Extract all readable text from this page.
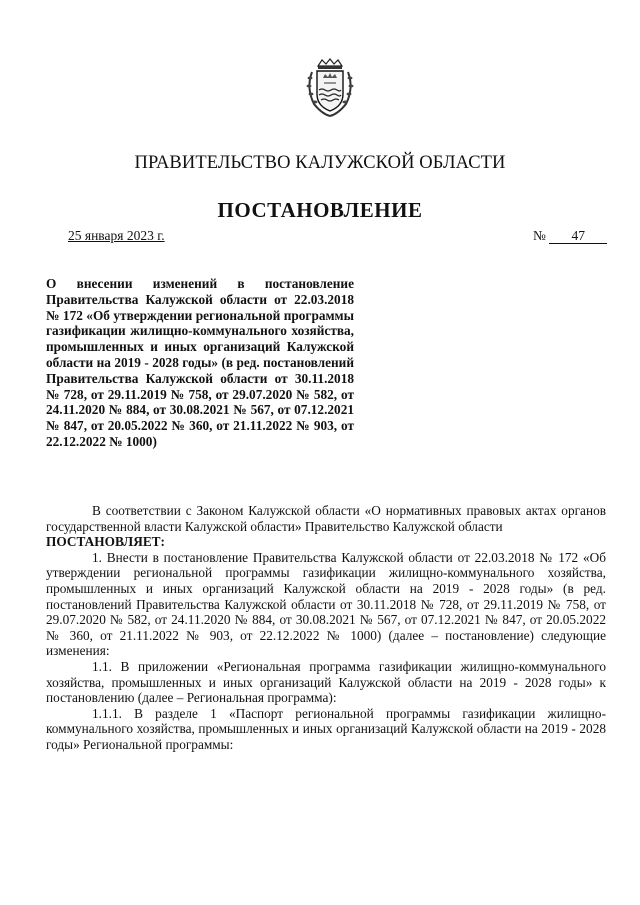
ПРАВИТЕЛЬСТВО КАЛУЖСКОЙ ОБЛАСТИ
ПОСТАНОВЛЕНИЕ
25 января 2023 г.	№ 47
О внесении изменений в постановление Правительства Калужской области от 22.03.2018 № 172 «Об утверждении региональной программы газификации жилищно-коммунального хозяйства, промышленных и иных организаций Калужской области на 2019 - 2028 годы» (в ред. постановлений Правительства Калужской области от 30.11.2018 № 728, от 29.11.2019 № 758, от 29.07.2020 № 582, от 24.11.2020 № 884, от 30.08.2021 № 567, от 07.12.2021 № 847, от 20.05.2022 № 360, от 21.11.2022 № 903, от 22.12.2022 № 1000)

В соответствии с Законом Калужской области «О нормативных правовых актах органов государственной власти Калужской области» Правительство Калужской области

ПОСТАНОВЛЯЕТ:

1. Внести в постановление Правительства Калужской области от 22.03.2018 № 172 «Об утверждении региональной программы газификации жилищно-коммунального хозяйства, промышленных и иных организаций Калужской области на 2019 - 2028 годы» (в ред. постановлений Правительства Калужской области от 30.11.2018 № 728, от 29.11.2019 № 758, от 29.07.2020 № 582, от 24.11.2020 № 884, от 30.08.2021 № 567, от 07.12.2021 № 847, от 20.05.2022 № 360, от 21.11.2022 № 903, от 22.12.2022 № 1000) (далее – постановление) следующие изменения:

1.1. В приложении «Региональная программа газификации жилищно-коммунального хозяйства, промышленных и иных организаций Калужской области на 2019 - 2028 годы» к постановлению (далее – Региональная программа):

1.1.1. В разделе 1 «Паспорт региональной программы газификации жилищно-коммунального хозяйства, промышленных и иных организаций Калужской области на 2019 - 2028 годы» Региональной программы:
